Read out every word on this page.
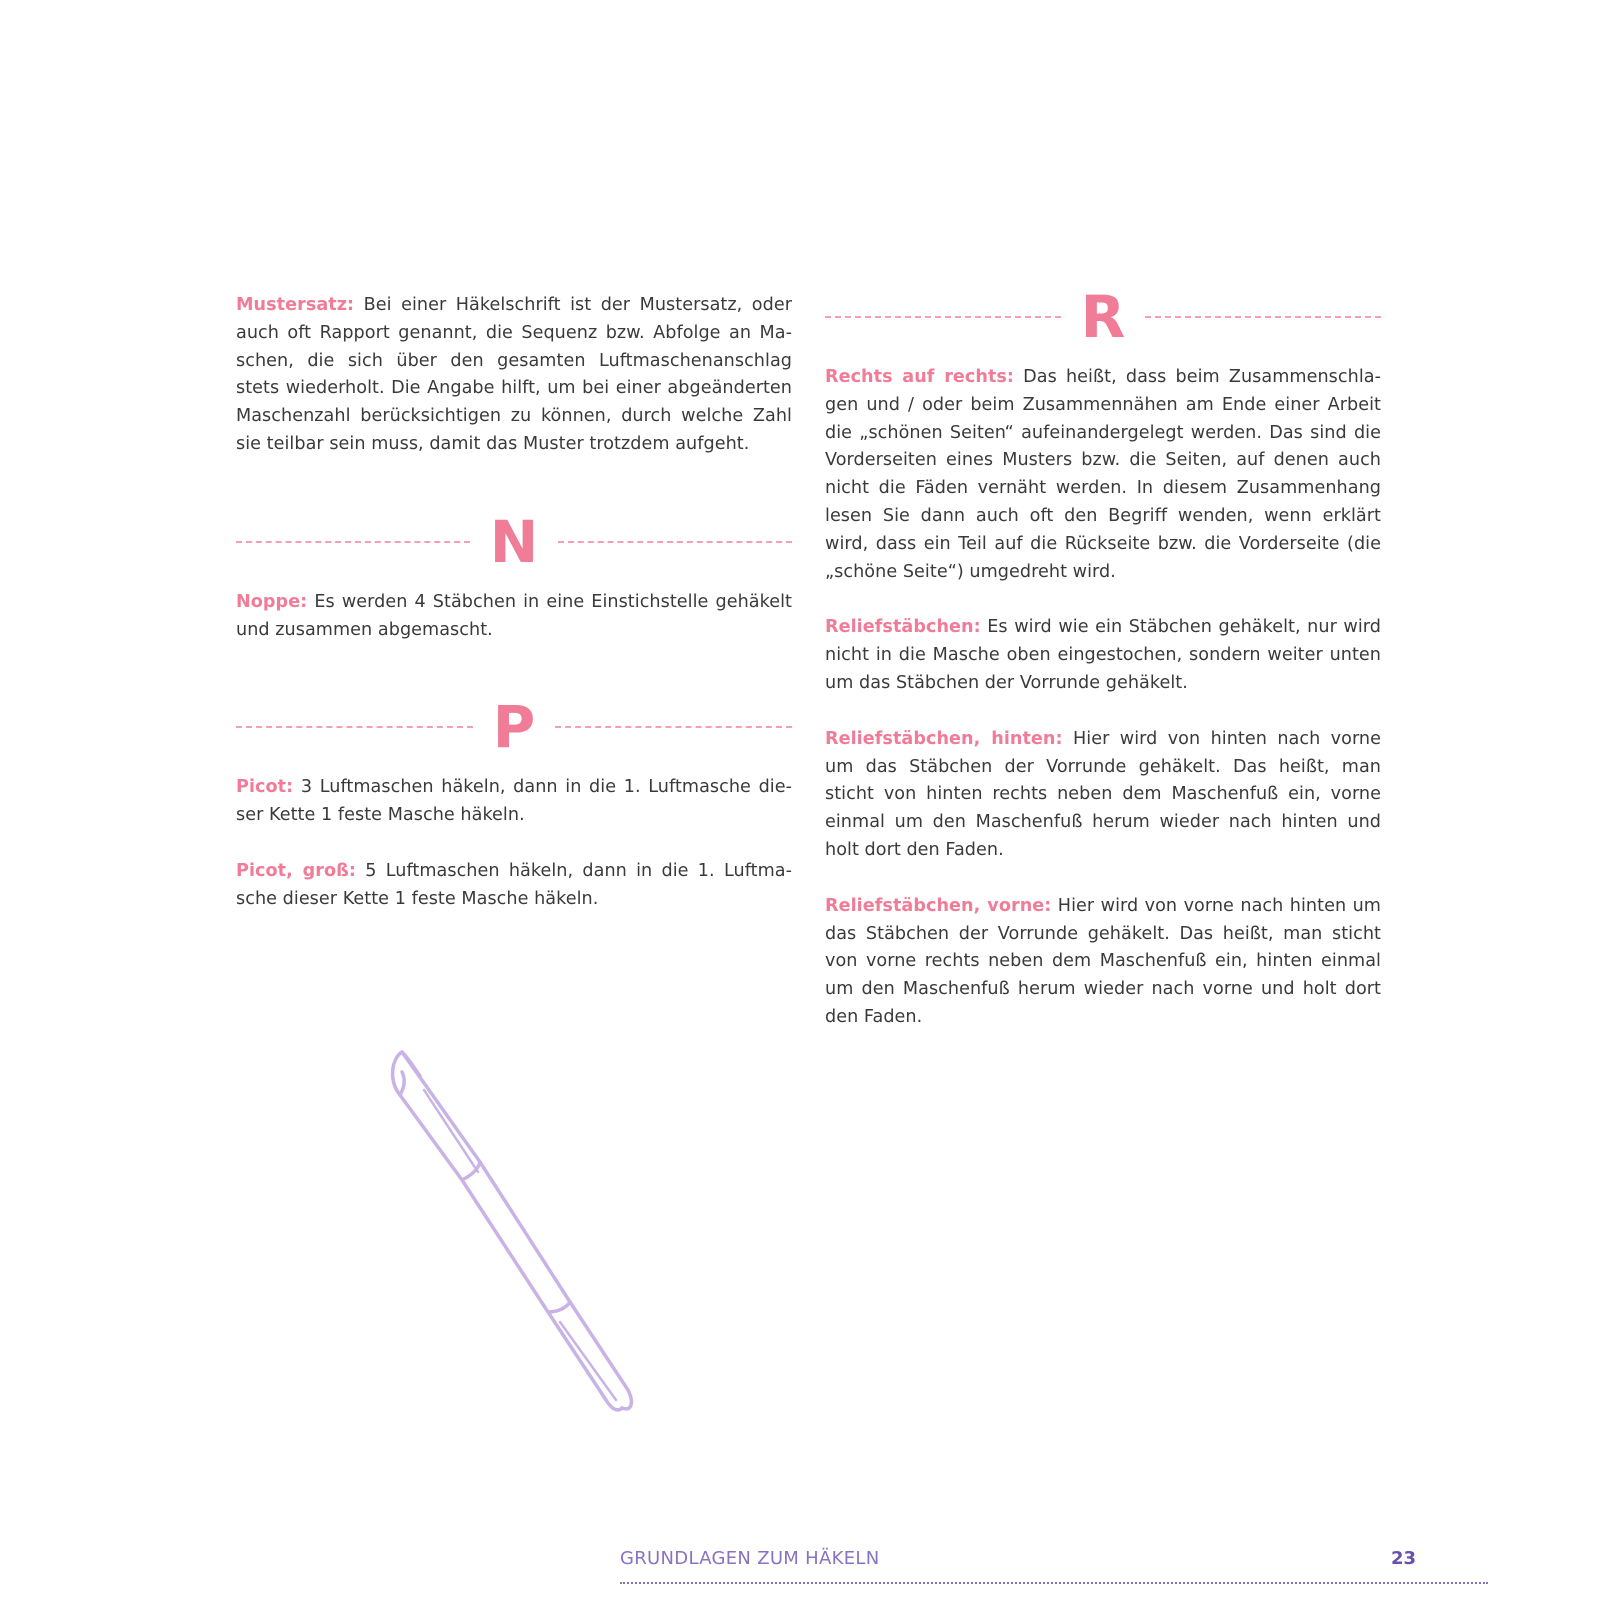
Mustersatz: Bei einer Häkelschrift ist der Mustersatz, oder auch oft Rapport genannt, die Sequenz bzw. Abfolge an Ma-schen, die sich über den gesamten Luftmaschenanschlag stets wiederholt. Die Angabe hilft, um bei einer abgeänderten Maschenzahl berücksichtigen zu können, durch welche Zahl sie teilbar sein muss, damit das Muster trotzdem aufgeht.

N

Noppe: Es werden 4 Stäbchen in eine Einstichstelle gehäkelt und zusammen abgemascht.

P

Picot: 3 Luftmaschen häkeln, dann in die 1. Luftmasche die-ser Kette 1 feste Masche häkeln.

Picot, groß: 5 Luftmaschen häkeln, dann in die 1. Luftma-sche dieser Kette 1 feste Masche häkeln.

R

Rechts auf rechts: Das heißt, dass beim Zusammenschla-gen und / oder beim Zusammennähen am Ende einer Arbeit die „schönen Seiten“ aufeinandergelegt werden. Das sind die Vorderseiten eines Musters bzw. die Seiten, auf denen auch nicht die Fäden vernäht werden. In diesem Zusammenhang lesen Sie dann auch oft den Begriff wenden, wenn erklärt wird, dass ein Teil auf die Rückseite bzw. die Vorderseite (die „schöne Seite“) umgedreht wird.

Reliefstäbchen: Es wird wie ein Stäbchen gehäkelt, nur wird nicht in die Masche oben eingestochen, sondern weiter unten um das Stäbchen der Vorrunde gehäkelt.

Reliefstäbchen, hinten: Hier wird von hinten nach vorne um das Stäbchen der Vorrunde gehäkelt. Das heißt, man sticht von hinten rechts neben dem Maschenfuß ein, vorne einmal um den Maschenfuß herum wieder nach hinten und holt dort den Faden.

Reliefstäbchen, vorne: Hier wird von vorne nach hinten um das Stäbchen der Vorrunde gehäkelt. Das heißt, man sticht von vorne rechts neben dem Maschenfuß ein, hinten einmal um den Maschenfuß herum wieder nach vorne und holt dort den Faden.

GRUNDLAGEN ZUM HÄKELN	23
